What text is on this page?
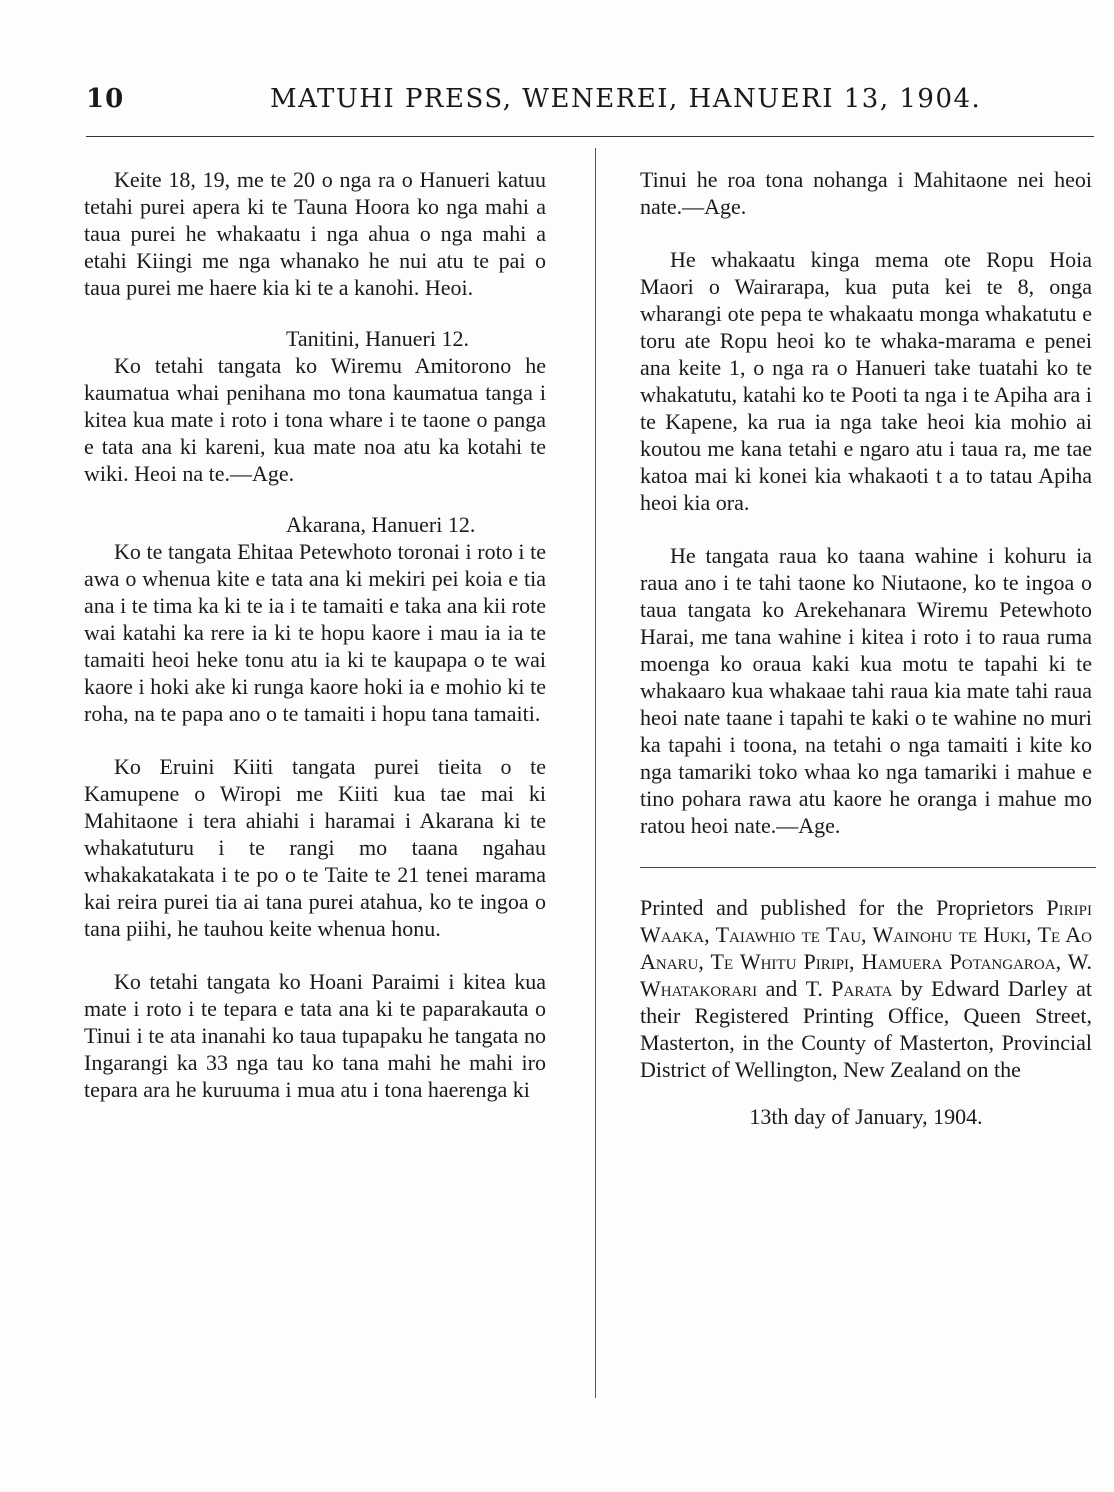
10	MATUHI PRESS, WENEREI, HANUERI 13, 1904.

Keite 18, 19, me te 20 o nga ra o Hanueri katuu tetahi purei apera ki te Tauna Hoora ko nga mahi a taua purei he whakaatu i nga ahua o nga mahi a etahi Kiingi me nga whanako he nui atu te pai o taua purei me haere kia ki te a kanohi. Heoi.

Tanitini, Hanueri 12.

Ko tetahi tangata ko Wiremu Amitorono he kaumatua whai penihana mo tona kaumatua tanga i kitea kua mate i roto i tona whare i te taone o panga e tata ana ki kareni, kua mate noa atu ka kotahi te wiki. Heoi na te.—Age.

Akarana, Hanueri 12.

Ko te tangata Ehitaa Petewhoto toronai i roto i te awa o whenua kite e tata ana ki mekiri pei koia e tia ana i te tima ka ki te ia i te tamaiti e taka ana kii rote wai katahi ka rere ia ki te hopu kaore i mau ia ia te tamaiti heoi heke tonu atu ia ki te kaupapa o te wai kaore i hoki ake ki runga kaore hoki ia e mohio ki te roha, na te papa ano o te tamaiti i hopu tana tamaiti.

Ko Eruini Kiiti tangata purei tieita o te Kamupene o Wiropi me Kiiti kua tae mai ki Mahitaone i tera ahiahi i haramai i Akarana ki te whakatuturu i te rangi mo taana ngahau whakakatakata i te po o te Taite te 21 tenei marama kai reira purei tia ai tana purei atahua, ko te ingoa o tana piihi, he tauhou keite whenua honu.

Ko tetahi tangata ko Hoani Paraimi i kitea kua mate i roto i te tepara e tata ana ki te paparakauta o Tinui i te ata inanahi ko taua tupapaku he tangata no Ingarangi ka 33 nga tau ko tana mahi he mahi iro tepara ara he kuruuma i mua atu i tona haerenga ki

Tinui he roa tona nohanga i Mahitaone nei heoi nate.—Age.

He whakaatu kinga mema ote Ropu Hoia Maori o Wairarapa, kua puta kei te 8, onga wharangi ote pepa te whakaatu monga whakatutu e toru ate Ropu heoi ko te whaka-marama e penei ana keite 1, o nga ra o Hanueri take tuatahi ko te whakatutu, katahi ko te Pooti ta nga i te Apiha ara i te Kapene, ka rua ia nga take heoi kia mohio ai koutou me kana tetahi e ngaro atu i taua ra, me tae katoa mai ki konei kia whakaoti t a to tatau Apiha heoi kia ora.

He tangata raua ko taana wahine i kohuru ia raua ano i te tahi taone ko Niutaone, ko te ingoa o taua tangata ko Arekehanara Wiremu Petewhoto Harai, me tana wahine i kitea i roto i to raua ruma moenga ko oraua kaki kua motu te tapahi ki te whakaaro kua whakaae tahi raua kia mate tahi raua heoi nate taane i tapahi te kaki o te wahine no muri ka tapahi i toona, na tetahi o nga tamaiti i kite ko nga tamariki toko whaa ko nga tamariki i mahue e tino pohara rawa atu kaore he oranga i mahue mo ratou heoi nate.—Age.

Printed and published for the Proprietors Piripi Waaka, Taiawhio te Tau, Wainohu te Huki, Te Ao Anaru, Te Whitu Piripi, Hamuera Potangaroa, W. Whatakorari and T. Parata by Edward Darley at their Registered Printing Office, Queen Street, Masterton, in the County of Masterton, Provincial District of Wellington, New Zealand on the

13th day of January, 1904.
